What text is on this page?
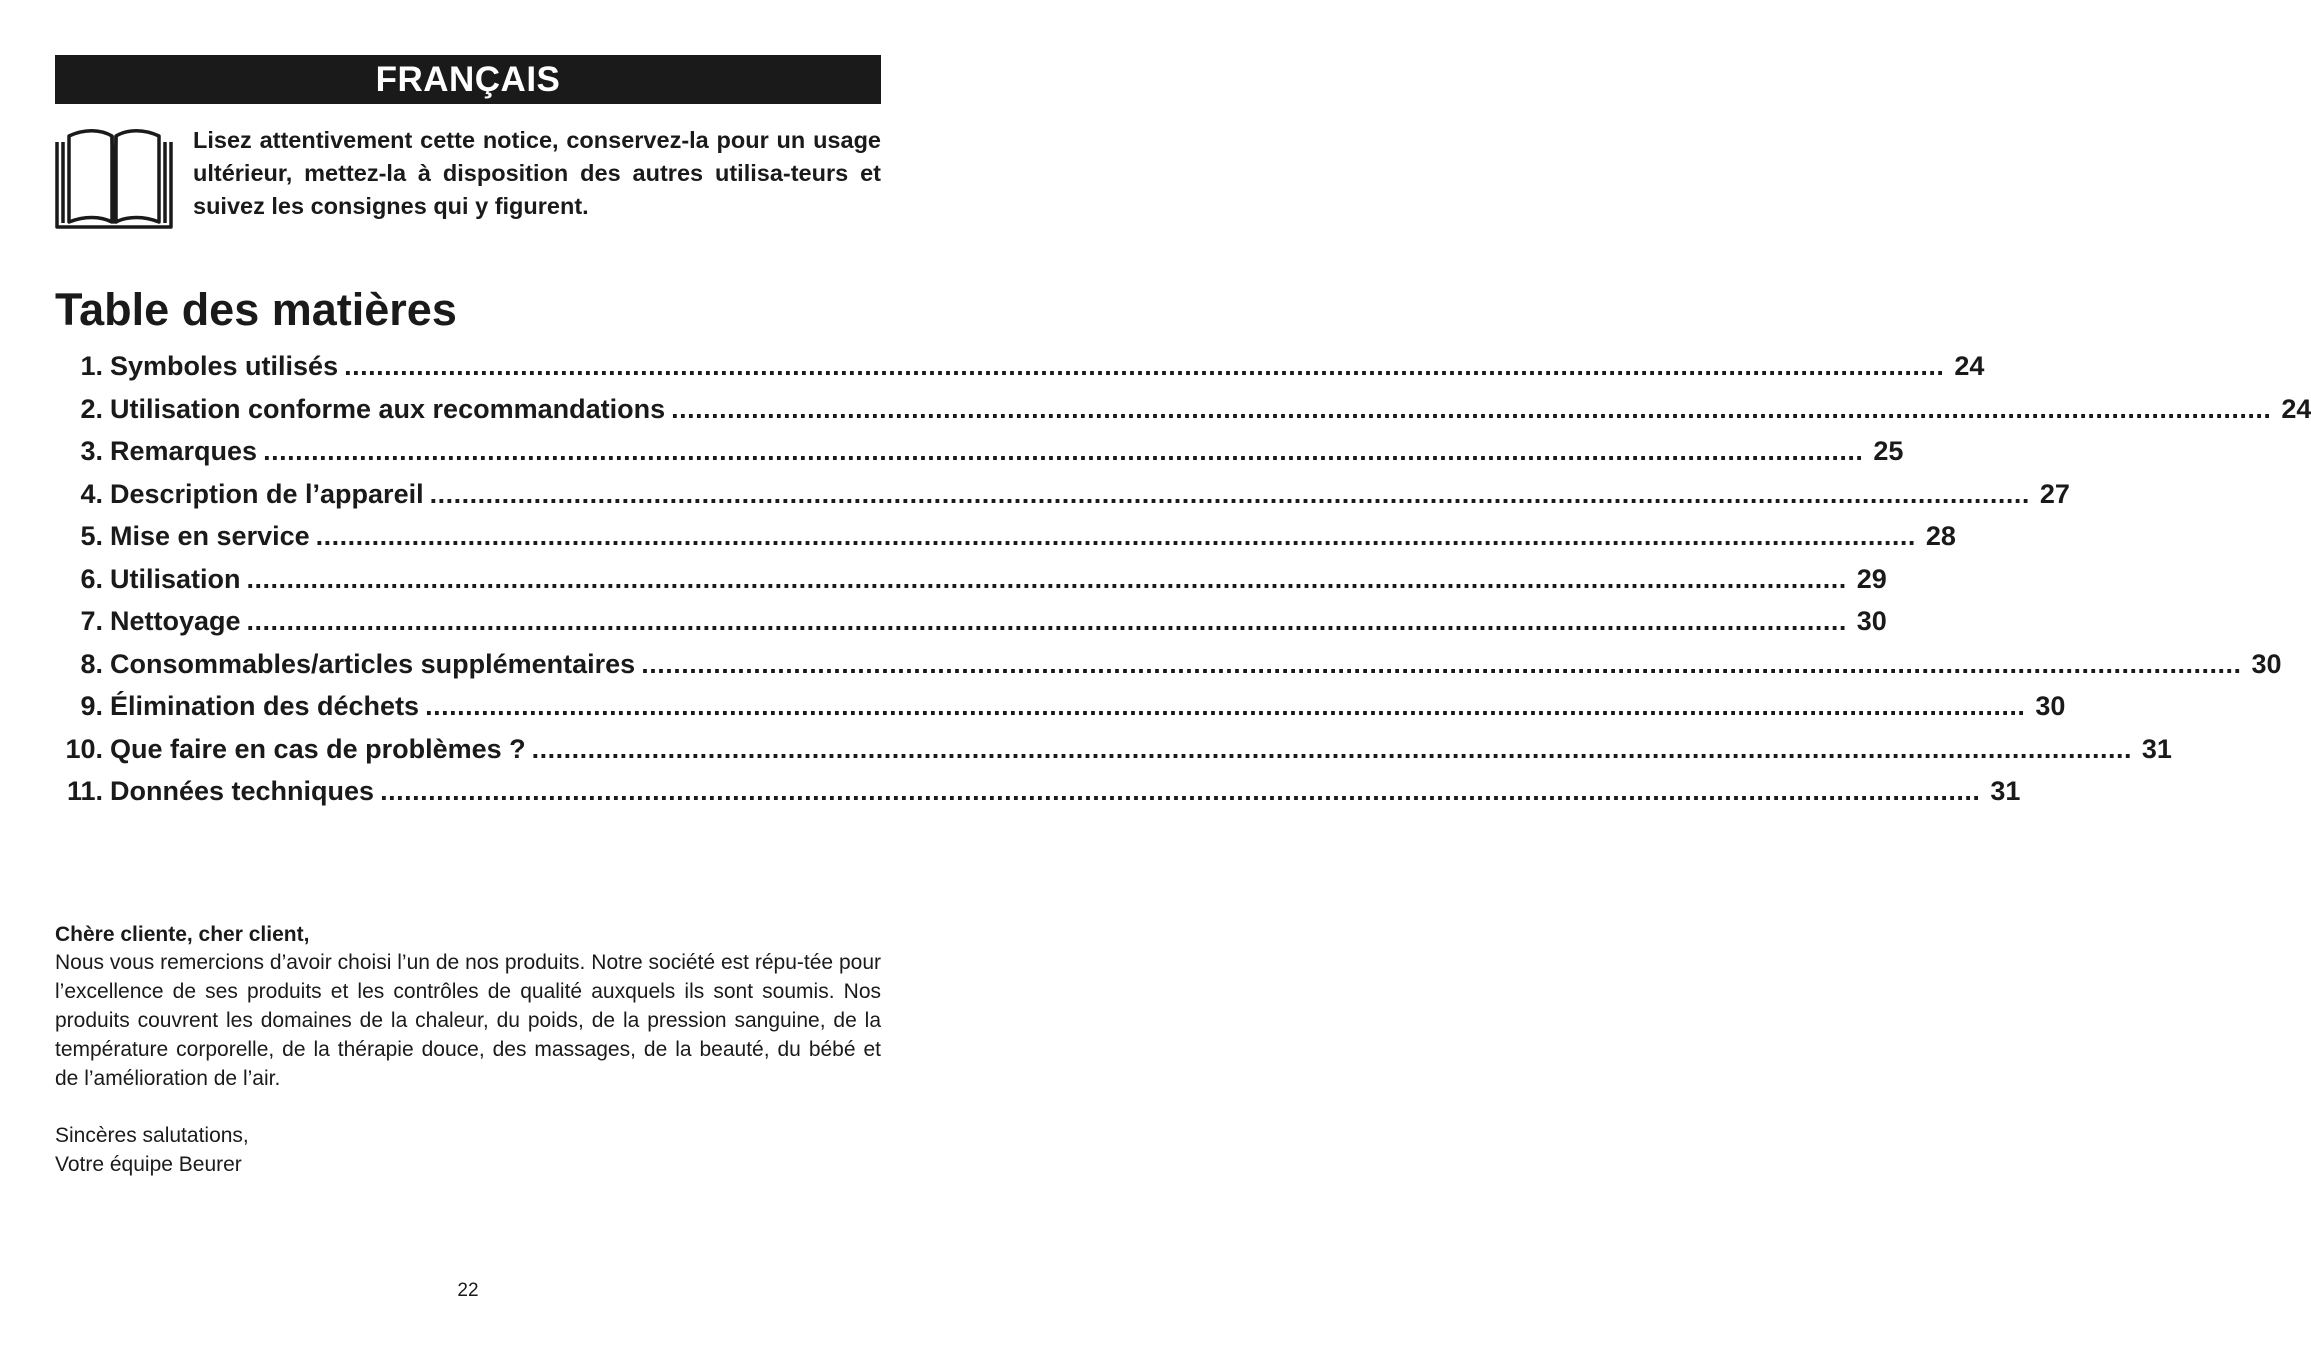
FRANÇAIS

Lisez attentivement cette notice, conservez-la pour un usage ultérieur, mettez-la à disposition des autres utilisa-teurs et suivez les consignes qui y figurent.

Table des matières
1. Symboles utilisés ........................................................................................................................................................................................................ 24
2. Utilisation conforme aux recommandations ........................................................................................................................................................................................................ 24
3. Remarques ........................................................................................................................................................................................................ 25
4. Description de l’appareil ........................................................................................................................................................................................................ 27
5. Mise en service ........................................................................................................................................................................................................ 28
6. Utilisation ........................................................................................................................................................................................................ 29
7. Nettoyage ........................................................................................................................................................................................................ 30
8. Consommables/articles supplémentaires ........................................................................................................................................................................................................ 30
9. Élimination des déchets ........................................................................................................................................................................................................ 30
10. Que faire en cas de problèmes ? ........................................................................................................................................................................................................ 31
11. Données techniques ........................................................................................................................................................................................................ 31

Chère cliente, cher client,

Nous vous remercions d’avoir choisi l’un de nos produits. Notre société est répu-tée pour l’excellence de ses produits et les contrôles de qualité auxquels ils sont soumis. Nos produits couvrent les domaines de la chaleur, du poids, de la pression sanguine, de la température corporelle, de la thérapie douce, des massages, de la beauté, du bébé et de l’amélioration de l’air.

Sincères salutations,
Votre équipe Beurer

22
